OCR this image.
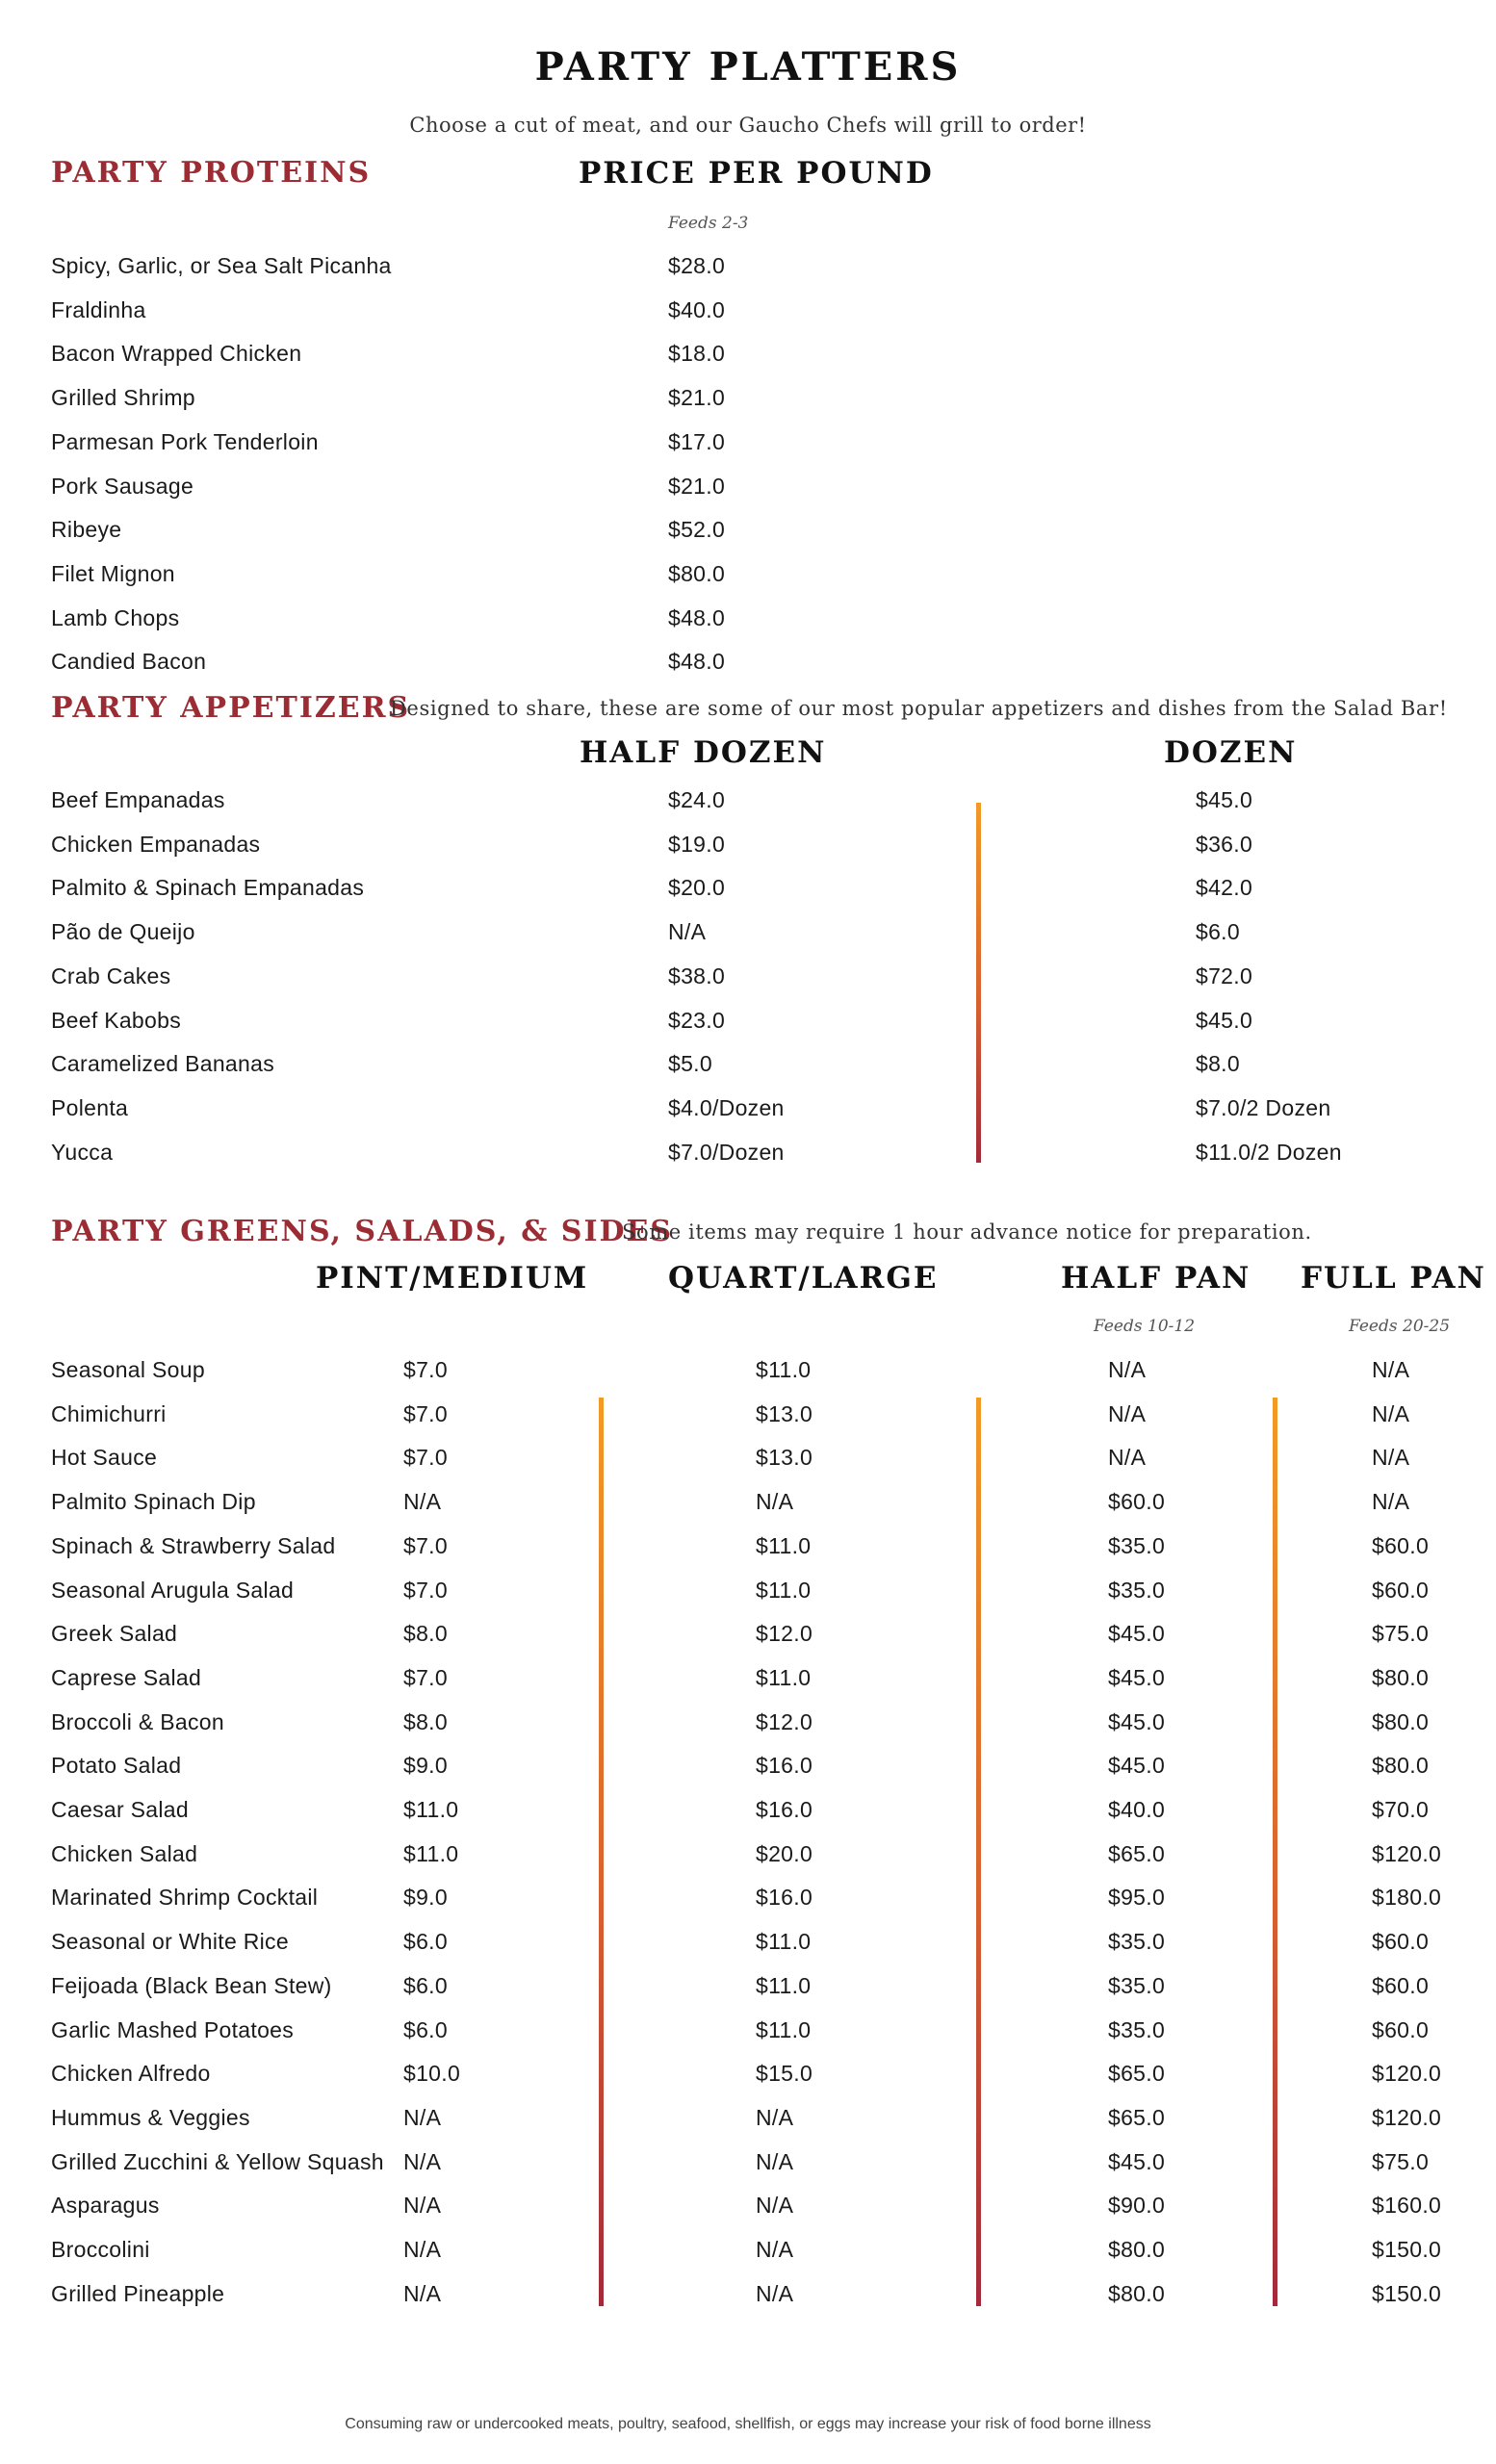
PARTY PLATTERS
Choose a cut of meat, and our Gaucho Chefs will grill to order!
PARTY PROTEINS	PRICE PER POUND
Feeds 2-3
Spicy, Garlic, or Sea Salt Picanha	$28.0
Fraldinha	$40.0
Bacon Wrapped Chicken	$18.0
Grilled Shrimp	$21.0
Parmesan Pork Tenderloin	$17.0
Pork Sausage	$21.0
Ribeye	$52.0
Filet Mignon	$80.0
Lamb Chops	$48.0
Candied Bacon	$48.0
PARTY APPETIZERS
Designed to share, these are some of our most popular appetizers and dishes from the Salad Bar!
HALF DOZEN	DOZEN
Beef Empanadas	$24.0	$45.0
Chicken Empanadas	$19.0	$36.0
Palmito & Spinach Empanadas	$20.0	$42.0
Pão de Queijo	N/A	$6.0
Crab Cakes	$38.0	$72.0
Beef Kabobs	$23.0	$45.0
Caramelized Bananas	$5.0	$8.0
Polenta	$4.0/Dozen	$7.0/2 Dozen
Yucca	$7.0/Dozen	$11.0/2 Dozen
PARTY GREENS, SALADS, & SIDES
Some items may require 1 hour advance notice for preparation.
PINT/MEDIUM	QUART/LARGE	HALF PAN FULL PAN
Feeds 10-12	Feeds 20-25
Seasonal Soup	$7.0	$11.0	N/A	N/A
Chimichurri	$7.0	$13.0	N/A	N/A
Hot Sauce	$7.0	$13.0	N/A	N/A
Palmito Spinach Dip	N/A	N/A	$60.0	N/A
Spinach & Strawberry Salad	$7.0	$11.0	$35.0	$60.0
Seasonal Arugula Salad	$7.0	$11.0	$35.0	$60.0
Greek Salad	$8.0	$12.0	$45.0	$75.0
Caprese Salad	$7.0	$11.0	$45.0	$80.0
Broccoli & Bacon	$8.0	$12.0	$45.0	$80.0
Potato Salad	$9.0	$16.0	$45.0	$80.0
Caesar Salad	$11.0	$16.0	$40.0	$70.0
Chicken Salad	$11.0	$20.0	$65.0	$120.0
Marinated Shrimp Cocktail	$9.0	$16.0	$95.0	$180.0
Seasonal or White Rice	$6.0	$11.0	$35.0	$60.0
Feijoada (Black Bean Stew)	$6.0	$11.0	$35.0	$60.0
Garlic Mashed Potatoes	$6.0	$11.0	$35.0	$60.0
Chicken Alfredo	$10.0	$15.0	$65.0	$120.0
Hummus & Veggies	N/A	N/A	$65.0	$120.0
Grilled Zucchini & Yellow Squash N/A	N/A	$45.0	$75.0
Asparagus	N/A	N/A	$90.0	$160.0
Broccolini	N/A	N/A	$80.0	$150.0
Grilled Pineapple	N/A	N/A	$80.0	$150.0
Consuming raw or undercooked meats, poultry, seafood, shellfish, or eggs may increase your risk of food borne illness
